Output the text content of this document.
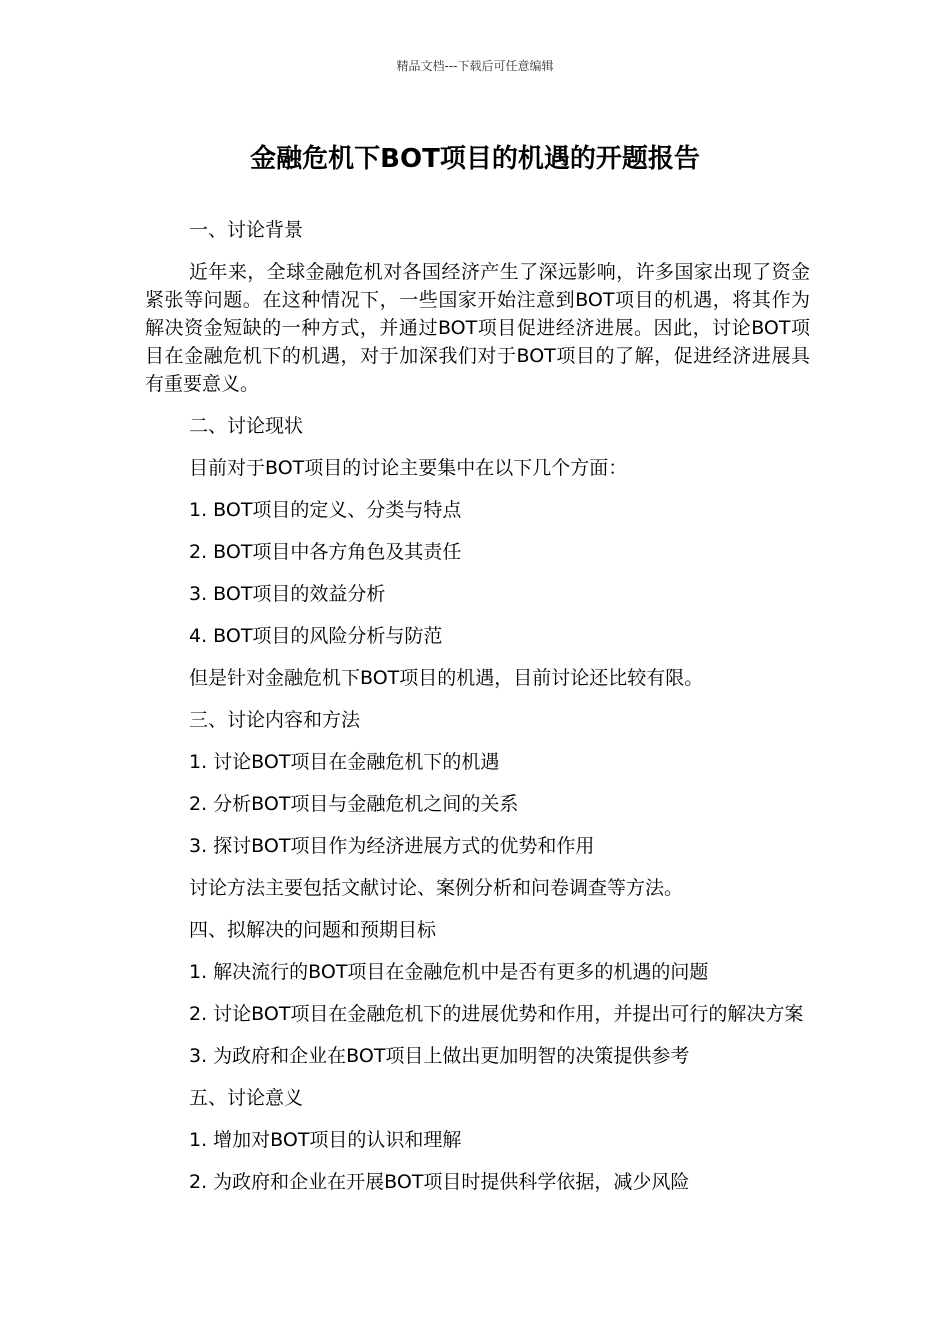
精品文档---下载后可任意编辑
金融危机下BOT项目的机遇的开题报告

一、讨论背景

近年来，全球金融危机对各国经济产生了深远影响，许多国家出现了资金紧张等问题。在这种情况下，一些国家开始注意到BOT项目的机遇，将其作为解决资金短缺的一种方式，并通过BOT项目促进经济进展。因此，讨论BOT项目在金融危机下的机遇，对于加深我们对于BOT项目的了解，促进经济进展具有重要意义。

二、讨论现状

目前对于BOT项目的讨论主要集中在以下几个方面：

1. BOT项目的定义、分类与特点

2. BOT项目中各方角色及其责任

3. BOT项目的效益分析

4. BOT项目的风险分析与防范

但是针对金融危机下BOT项目的机遇，目前讨论还比较有限。

三、讨论内容和方法

1. 讨论BOT项目在金融危机下的机遇

2. 分析BOT项目与金融危机之间的关系

3. 探讨BOT项目作为经济进展方式的优势和作用

讨论方法主要包括文献讨论、案例分析和问卷调查等方法。

四、拟解决的问题和预期目标

1. 解决流行的BOT项目在金融危机中是否有更多的机遇的问题

2. 讨论BOT项目在金融危机下的进展优势和作用，并提出可行的解决方案

3. 为政府和企业在BOT项目上做出更加明智的决策提供参考

五、讨论意义

1. 增加对BOT项目的认识和理解

2. 为政府和企业在开展BOT项目时提供科学依据，减少风险
